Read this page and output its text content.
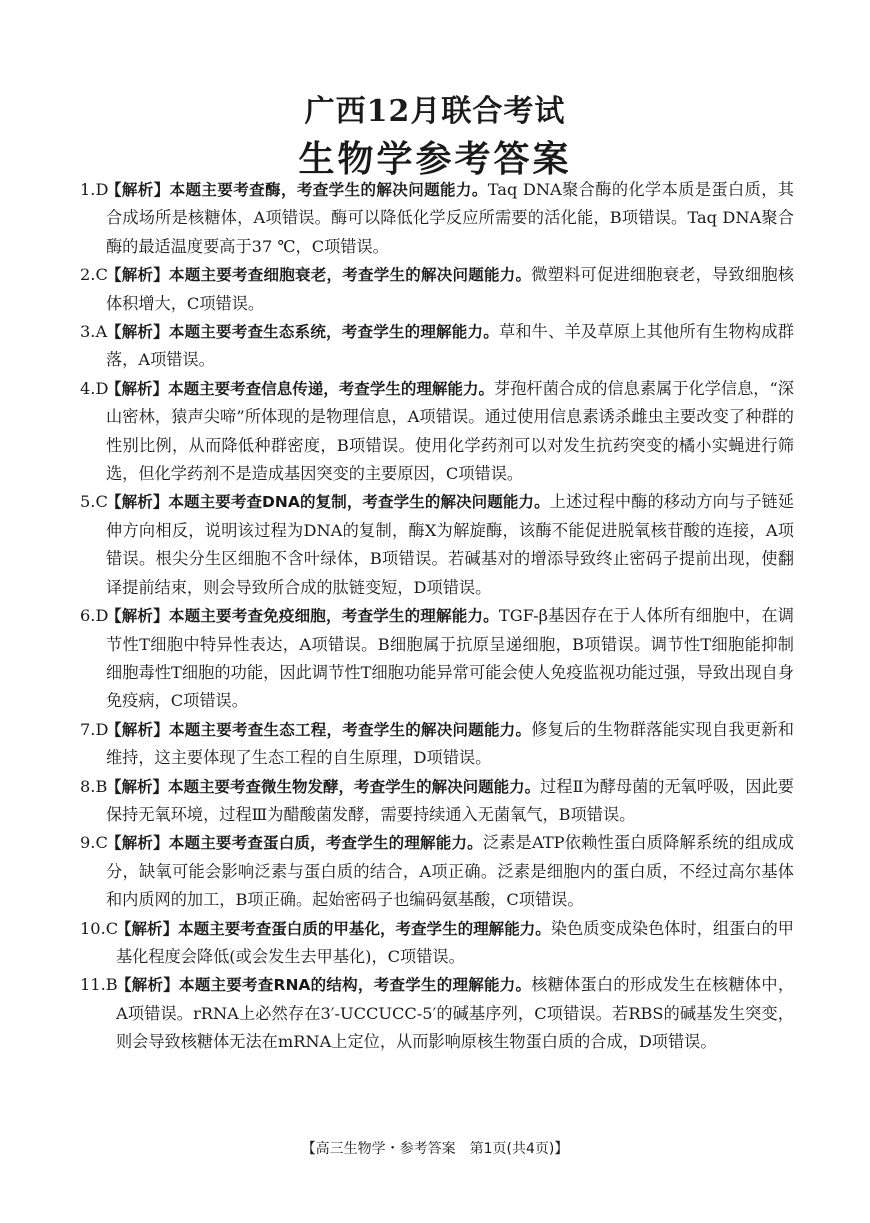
广西12月联合考试
生物学参考答案
1.D
【解析】本题主要考查酶，考查学生的解决问题能力。Taq DNA聚合酶的化学本质是蛋白质，其合成场所是核糖体，A项错误。酶可以降低化学反应所需要的活化能，B项错误。Taq DNA聚合酶的最适温度要高于37 ℃，C项错误。
2.C
【解析】本题主要考查细胞衰老，考查学生的解决问题能力。微塑料可促进细胞衰老，导致细胞核体积增大，C项错误。
3.A
【解析】本题主要考查生态系统，考查学生的理解能力。草和牛、羊及草原上其他所有生物构成群落，A项错误。
4.D
【解析】本题主要考查信息传递，考查学生的理解能力。芽孢杆菌合成的信息素属于化学信息，“深山密林，猿声尖啼”所体现的是物理信息，A项错误。通过使用信息素诱杀雌虫主要改变了种群的性别比例，从而降低种群密度，B项错误。使用化学药剂可以对发生抗药突变的橘小实蝇进行筛选，但化学药剂不是造成基因突变的主要原因，C项错误。
5.C
【解析】本题主要考查DNA的复制，考查学生的解决问题能力。上述过程中酶的移动方向与子链延伸方向相反，说明该过程为DNA的复制，酶X为解旋酶，该酶不能促进脱氧核苷酸的连接，A项错误。根尖分生区细胞不含叶绿体，B项错误。若碱基对的增添导致终止密码子提前出现，使翻译提前结束，则会导致所合成的肽链变短，D项错误。
6.D
【解析】本题主要考查免疫细胞，考查学生的理解能力。TGF-β基因存在于人体所有细胞中，在调节性T细胞中特异性表达，A项错误。B细胞属于抗原呈递细胞，B项错误。调节性T细胞能抑制细胞毒性T细胞的功能，因此调节性T细胞功能异常可能会使人免疫监视功能过强，导致出现自身免疫病，C项错误。
7.D
【解析】本题主要考查生态工程，考查学生的解决问题能力。修复后的生物群落能实现自我更新和维持，这主要体现了生态工程的自生原理，D项错误。
8.B
【解析】本题主要考查微生物发酵，考查学生的解决问题能力。过程Ⅱ为酵母菌的无氧呼吸，因此要保持无氧环境，过程Ⅲ为醋酸菌发酵，需要持续通入无菌氧气，B项错误。
9.C
【解析】本题主要考查蛋白质，考查学生的理解能力。泛素是ATP依赖性蛋白质降解系统的组成成分，缺氧可能会影响泛素与蛋白质的结合，A项正确。泛素是细胞内的蛋白质，不经过高尔基体和内质网的加工，B项正确。起始密码子也编码氨基酸，C项错误。
10.C
【解析】本题主要考查蛋白质的甲基化，考查学生的理解能力。染色质变成染色体时，组蛋白的甲基化程度会降低(或会发生去甲基化)，C项错误。
11.B
【解析】本题主要考查RNA的结构，考查学生的理解能力。核糖体蛋白的形成发生在核糖体中，A项错误。rRNA上必然存在3′-UCCUCC-5′的碱基序列，C项错误。若RBS的碱基发生突变，则会导致核糖体无法在mRNA上定位，从而影响原核生物蛋白质的合成，D项错误。
【高三生物学・参考答案　第1页(共4页)】
